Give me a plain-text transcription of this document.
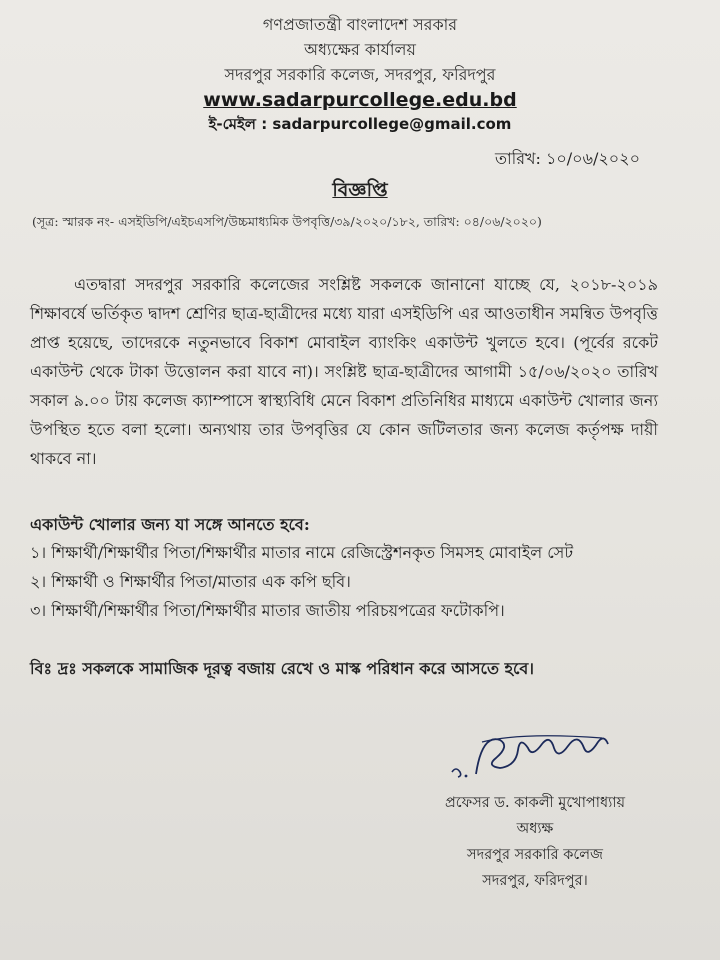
গণপ্রজাতন্ত্রী বাংলাদেশ সরকার
অধ্যক্ষের কার্যালয়
সদরপুর সরকারি কলেজ, সদরপুর, ফরিদপুর
www.sadarpurcollege.edu.bd
ই-মেইল : sadarpurcollege@gmail.com
তারিখ: ১০/০৬/২০২০
বিজ্ঞপ্তি
(সূত্র: স্মারক নং- এসইডিপি/এইচএসপি/উচ্চমাধ্যমিক উপবৃত্তি/৩৯/২০২০/১৮২, তারিখ: ০৪/০৬/২০২০)
এতদ্বারা সদরপুর সরকারি কলেজের সংশ্লিষ্ট সকলকে জানানো যাচ্ছে যে, ২০১৮-২০১৯ শিক্ষাবর্ষে ভর্তিকৃত দ্বাদশ শ্রেণির ছাত্র-ছাত্রীদের মধ্যে যারা এসইডিপি এর আওতাধীন সমন্বিত উপবৃত্তি প্রাপ্ত হয়েছে, তাদেরকে নতুনভাবে বিকাশ মোবাইল ব্যাংকিং একাউন্ট খুলতে হবে। (পূর্বের রকেট একাউন্ট থেকে টাকা উত্তোলন করা যাবে না)। সংশ্লিষ্ট ছাত্র-ছাত্রীদের আগামী ১৫/০৬/২০২০ তারিখ সকাল ৯.০০ টায় কলেজ ক্যাম্পাসে স্বাস্থ্যবিধি মেনে বিকাশ প্রতিনিধির মাধ্যমে একাউন্ট খোলার জন্য উপস্থিত হতে বলা হলো। অন্যথায় তার উপবৃত্তির যে কোন জটিলতার জন্য কলেজ কর্তৃপক্ষ দায়ী থাকবে না।
একাউন্ট খোলার জন্য যা সঙ্গে আনতে হবে:
১। শিক্ষার্থী/শিক্ষার্থীর পিতা/শিক্ষার্থীর মাতার নামে রেজিস্ট্রেশনকৃত সিমসহ মোবাইল সেট
২। শিক্ষার্থী ও শিক্ষার্থীর পিতা/মাতার এক কপি ছবি।
৩। শিক্ষার্থী/শিক্ষার্থীর পিতা/শিক্ষার্থীর মাতার জাতীয় পরিচয়পত্রের ফটোকপি।
বিঃ দ্রঃ সকলকে সামাজিক দূরত্ব বজায় রেখে ও মাস্ক পরিধান করে আসতে হবে।
প্রফেসর ড. কাকলী মুখোপাধ্যায়
অধ্যক্ষ
সদরপুর সরকারি কলেজ
সদরপুর, ফরিদপুর।
